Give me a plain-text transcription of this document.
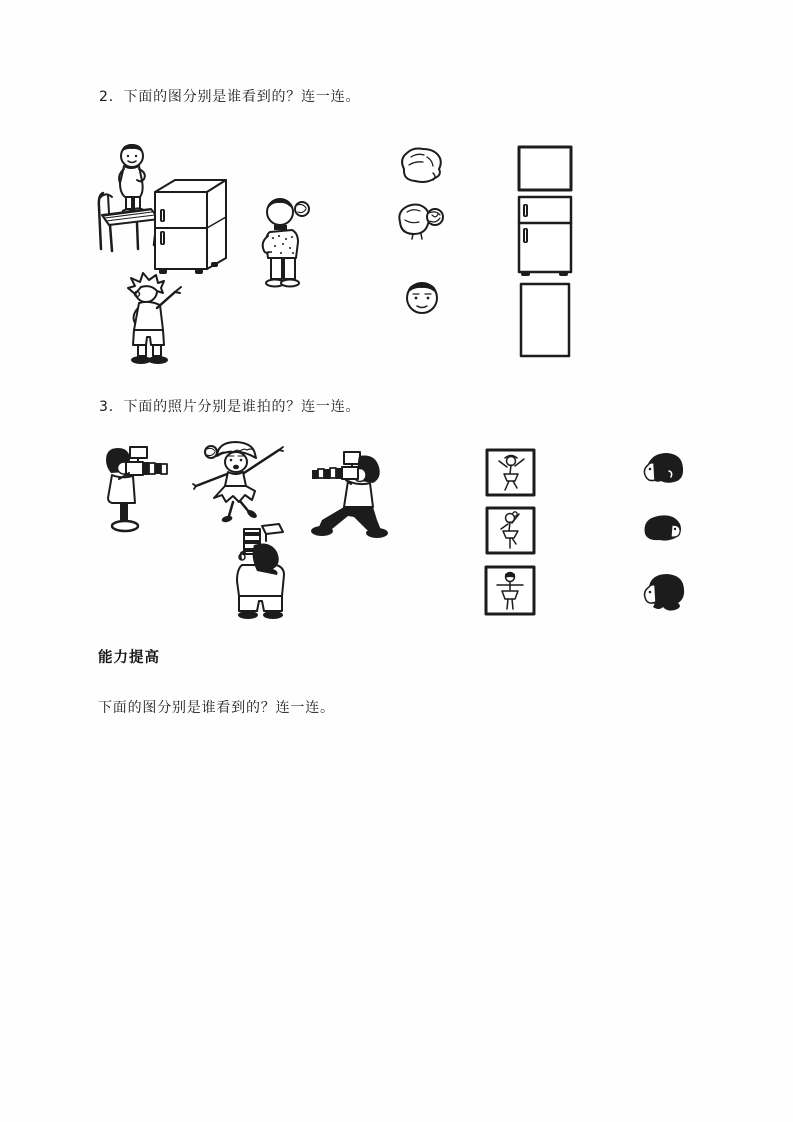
2．下面的图分别是谁看到的？连一连。
3．下面的照片分别是谁拍的？连一连。
能力提高
下面的图分别是谁看到的？连一连。
